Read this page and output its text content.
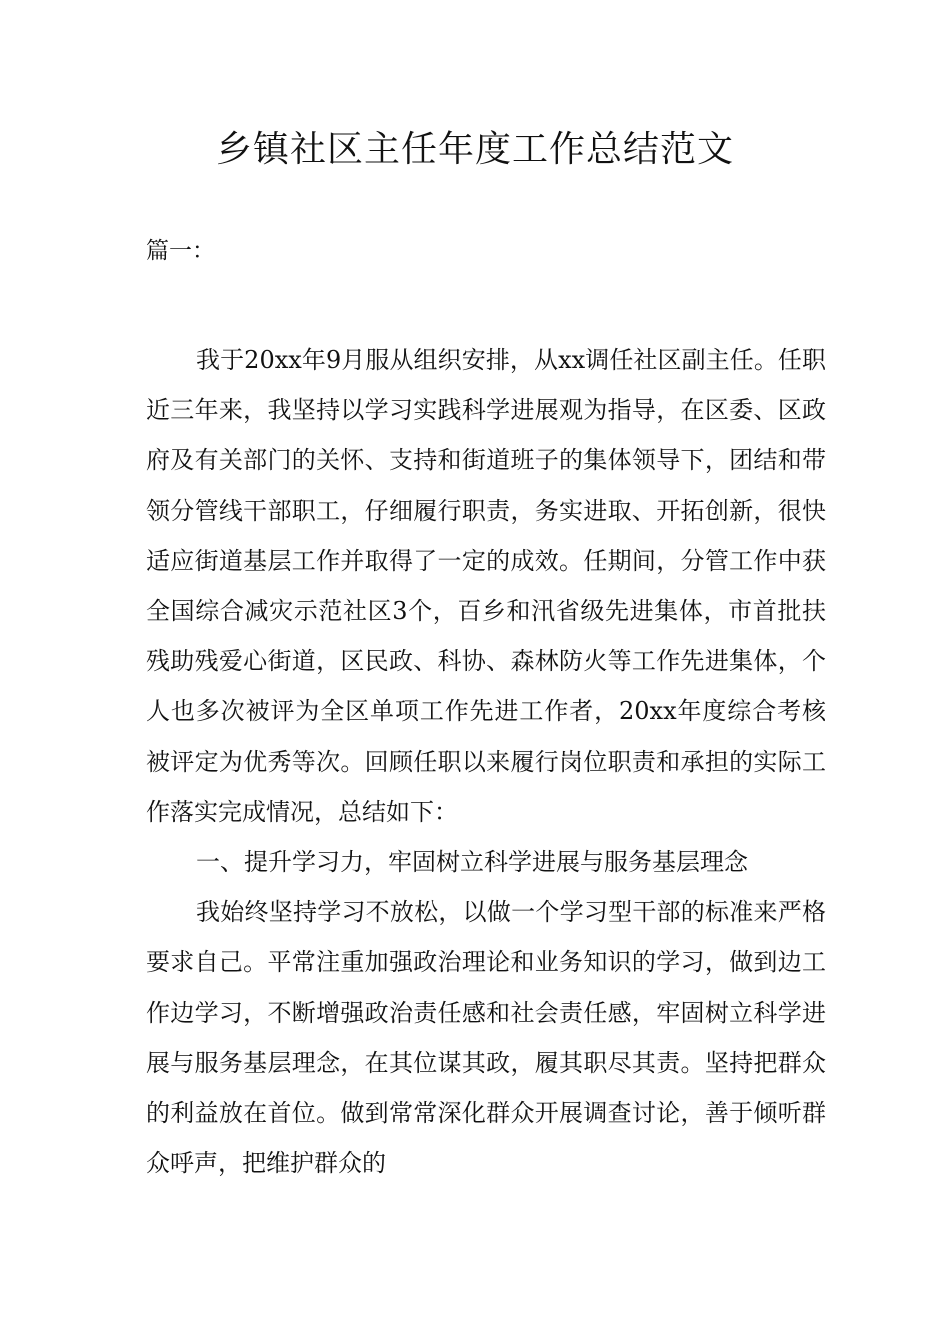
乡镇社区主任年度工作总结范文
篇一：

我于20xx年9月服从组织安排，从xx调任社区副主任。任职近三年来，我坚持以学习实践科学进展观为指导，在区委、区政府及有关部门的关怀、支持和街道班子的集体领导下，团结和带领分管线干部职工，仔细履行职责，务实进取、开拓创新，很快适应街道基层工作并取得了一定的成效。任期间，分管工作中获全国综合减灾示范社区3个，百乡和汛省级先进集体，市首批扶残助残爱心街道，区民政、科协、森林防火等工作先进集体，个人也多次被评为全区单项工作先进工作者，20xx年度综合考核被评定为优秀等次。回顾任职以来履行岗位职责和承担的实际工作落实完成情况，总结如下：

一、提升学习力，牢固树立科学进展与服务基层理念

我始终坚持学习不放松，以做一个学习型干部的标准来严格要求自己。平常注重加强政治理论和业务知识的学习，做到边工作边学习，不断增强政治责任感和社会责任感，牢固树立科学进展与服务基层理念，在其位谋其政，履其职尽其责。坚持把群众的利益放在首位。做到常常深化群众开展调查讨论，善于倾听群众呼声，把维护群众的
